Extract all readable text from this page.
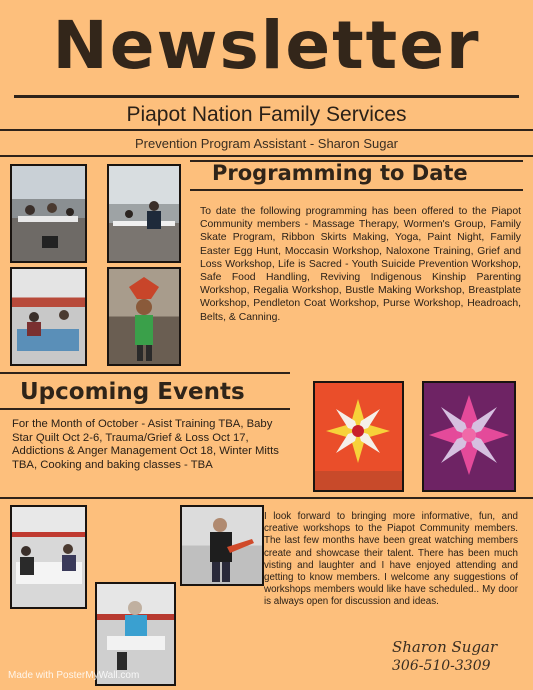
Newsletter
Piapot Nation Family Services
Prevention Program Assistant - Sharon Sugar
Programming to Date
To date the following programming has been offered to the Piapot Community members - Massage Therapy, Wormen's Group, Family Skate Program, Ribbon Skirts Making, Yoga, Paint Night, Family Easter Egg Hunt, Moccasin Workshop, Naloxone Training, Grief and Loss Workshop, Life is Sacred - Youth Suicide Prevention Workshop, Safe Food Handling, Reviving Indigenous Kinship Parenting Workshop, Regalia Workshop, Bustle Making Workshop, Breastplate Workshop, Pendleton Coat Workshop, Purse Workshop, Headroach, Belts, & Canning.
Upcoming Events
For the Month of October - Asist Training TBA, Baby Star Quilt Oct 2-6, Trauma/Grief & Loss Oct 17, Addictions & Anger Management Oct 18, Winter Mitts TBA, Cooking and baking classes - TBA
I look forward to bringing more informative, fun, and creative workshops to the Piapot Community members. The last few months have been great watching members create and showcase their talent. There has been much visting and laughter and I have enjoyed attending and getting to know members. I welcome any suggestions of workshops members would like have scheduled.. My door is always open for discussion and ideas.
Sharon Sugar
306-510-3309
Made with PosterMyWall.com
